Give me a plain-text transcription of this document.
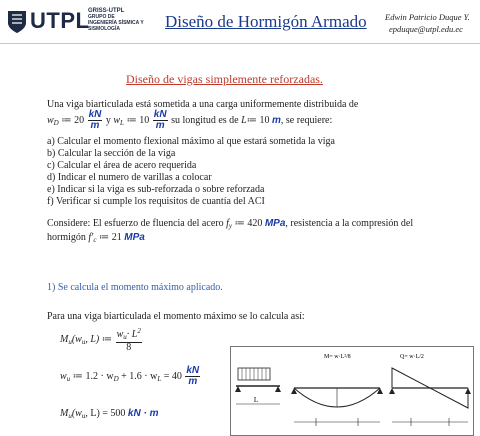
UTPL
GRISS-UTPL
GRUPO DE
INGENIERÍA SÍSMICA Y
SISMOLOGÍA	Diseño de Hormigón Armado Edwin Patricio Duque Y.
epduque@utpl.edu.ec
Diseño de vigas simplemente reforzadas.
Una viga biarticulada está sometida a una carga uniformemente distribuida de
$w_D$ ≔ $20 \frac{kN}{m}$ y $w_L$ ≔ $10 \frac{kN}{m}$ su longitud es de L≔ 10 m, se requiere:
a) Calcular el momento flexional máximo al que estará sometida la viga
b) Calcular la sección de la viga
c) Calcular el área de acero requerida
d) Indicar el numero de varillas a colocar
e) Indicar si la viga es sub-reforzada o sobre reforzada
f) Verificar si cumple los requisitos de cuantía del ACI
Considere: El esfuerzo de fluencia del acero $f_y$ ≔ 420 MPa, resistencia a la compresión del
hormigón $f'_c$ ≔ 21 MPa
1) Se calcula el momento máximo aplicado.
Para una viga biarticulada el momento máximo se lo calcula así:
$M_u(w_u$, L) ≔ $\frac{w_u\cdot L^2}{8}$
$w_u$ ≔ $1.2 \cdot w_D + 1.6 \cdot w_L = 40 \frac{kN}{m}$
$M_u(w_u$, L) = 500 kN · m
L
M= w·L²/8	Q= w·L/2
